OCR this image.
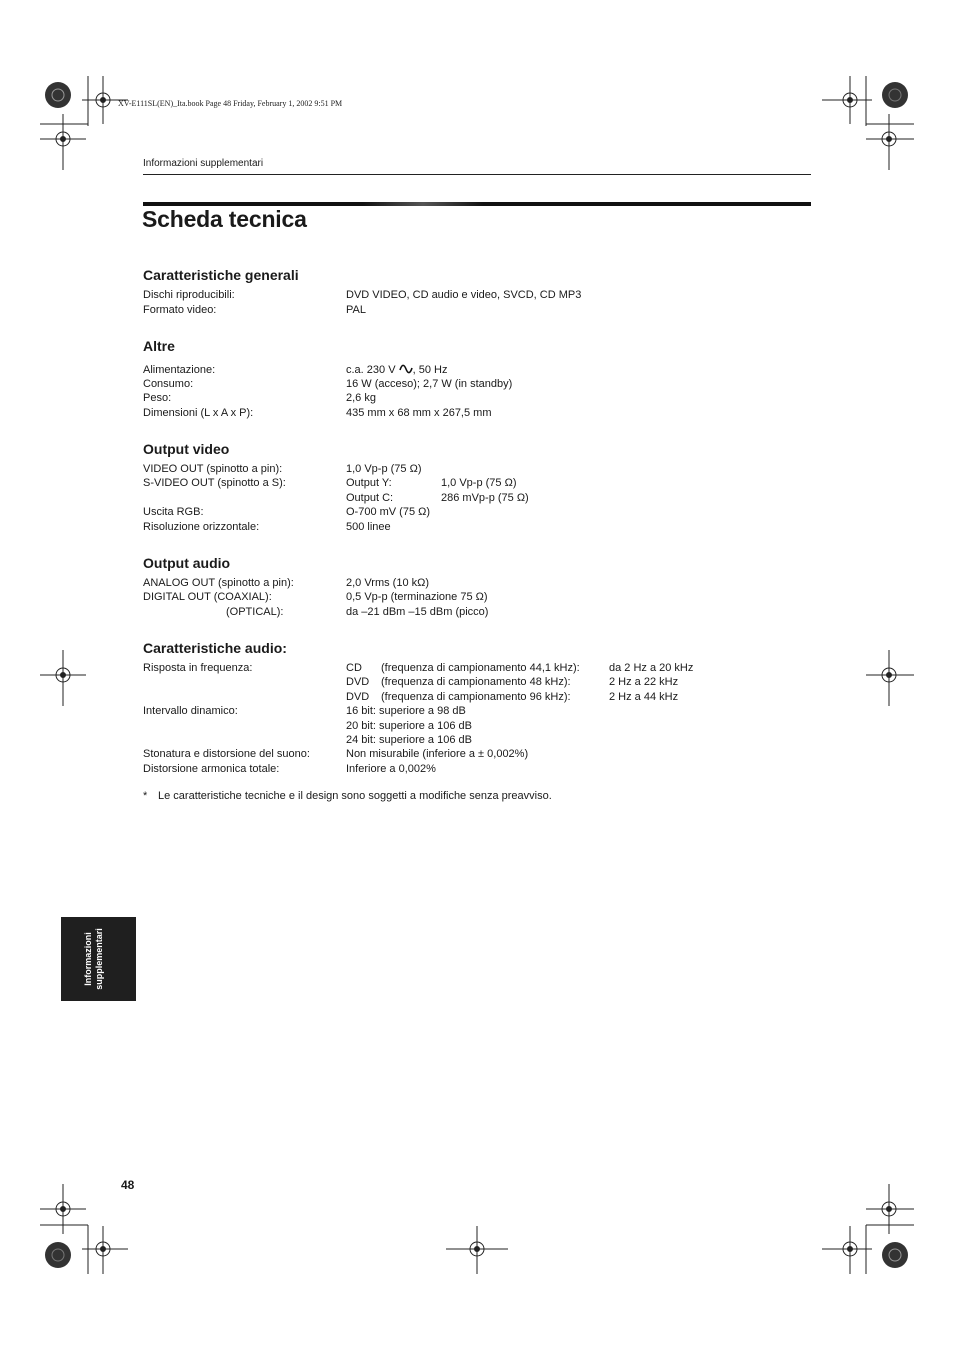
XV-E111SL(EN)_Ita.book Page 48 Friday, February 1, 2002 9:51 PM
Informazioni supplementari
Scheda tecnica
Caratteristiche generali
Dischi riproducibili:	DVD VIDEO, CD audio e video, SVCD, CD MP3
Formato video:	PAL
Altre
Alimentazione:	c.a. 230 V , 50 Hz
Consumo:	16 W (acceso); 2,7 W (in standby)
Peso:	2,6 kg
Dimensioni (L x A x P):	435 mm x 68 mm x 267,5 mm
Output video
VIDEO OUT (spinotto a pin):	1,0 Vp-p (75 Ω)
S-VIDEO OUT (spinotto a S):	Output Y:	1,0 Vp-p (75 Ω)
Output C:	286 mVp-p (75 Ω)
Uscita RGB:	O-700 mV (75 Ω)
Risoluzione orizzontale:	500 linee
Output audio
ANALOG OUT (spinotto a pin):	2,0 Vrms (10 kΩ)
DIGITAL OUT (COAXIAL):	0,5 Vp-p (terminazione 75 Ω)
(OPTICAL):	da –21 dBm –15 dBm (picco)
Caratteristiche audio:
Risposta in frequenza:	CD (frequenza di campionamento 44,1 kHz):	da 2 Hz a 20 kHz
DVD (frequenza di campionamento 48 kHz):	2 Hz a 22 kHz
DVD (frequenza di campionamento 96 kHz):	2 Hz a 44 kHz
Intervallo dinamico:	16 bit: superiore a 98 dB
20 bit: superiore a 106 dB
24 bit: superiore a 106 dB
Stonatura e distorsione del suono:	Non misurabile (inferiore a ± 0,002%)
Distorsione armonica totale:	Inferiore a 0,002%
* Le caratteristiche tecniche e il design sono soggetti a modifiche senza preavviso.
Informazioni supplementari
48
